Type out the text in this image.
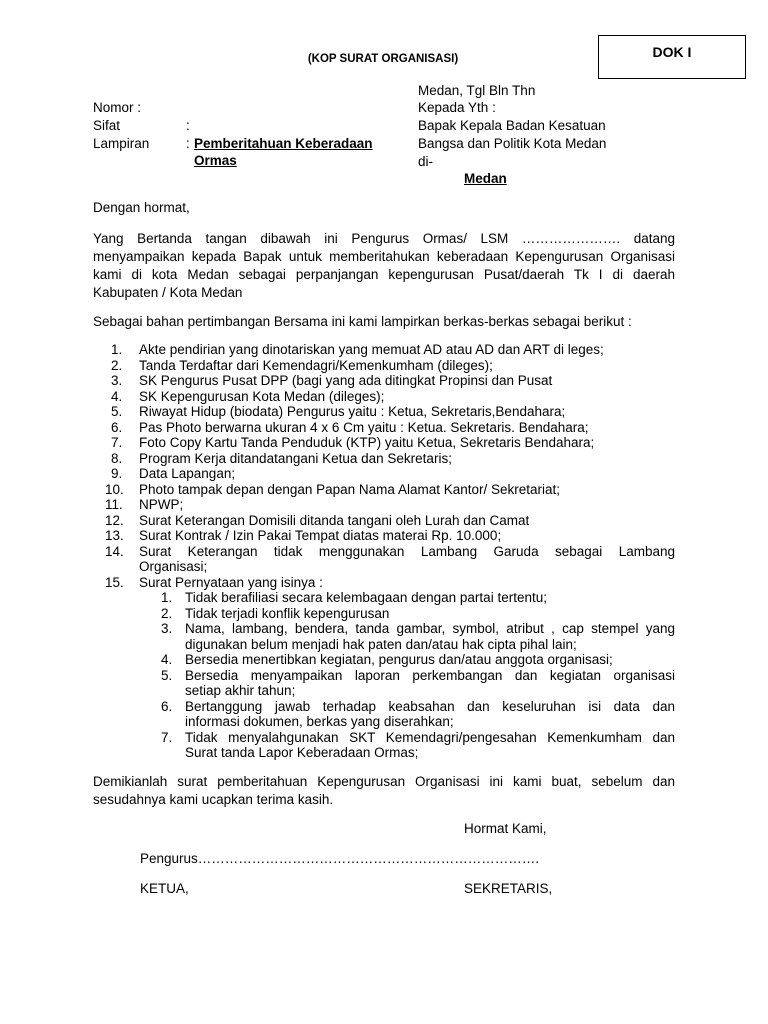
DOK I
(KOP SURAT ORGANISASI)
Medan, Tgl Bln Thn
Nomor :
Sifat	:
Lampiran	: Pemberitahuan Keberadaan
Ormas
Kepada Yth :
Bapak Kepala Badan Kesatuan
Bangsa dan Politik Kota Medan
di-
Medan
Dengan hormat,
Yang Bertanda tangan dibawah ini Pengurus Ormas/ LSM …………………. datang menyampaikan kepada Bapak untuk memberitahukan keberadaan Kepengurusan Organisasi kami di kota Medan sebagai perpanjangan kepengurusan Pusat/daerah Tk I di daerah Kabupaten / Kota Medan
Sebagai bahan pertimbangan Bersama ini kami lampirkan berkas-berkas sebagai berikut :
1. Akte pendirian yang dinotariskan yang memuat AD atau AD dan ART di leges;
2. Tanda Terdaftar dari Kemendagri/Kemenkumham (dileges);
3. SK Pengurus Pusat DPP (bagi yang ada ditingkat Propinsi dan Pusat
4. SK Kepengurusan Kota Medan (dileges);
5. Riwayat Hidup (biodata) Pengurus yaitu : Ketua, Sekretaris,Bendahara;
6. Pas Photo berwarna ukuran 4 x 6 Cm yaitu : Ketua. Sekretaris. Bendahara;
7. Foto Copy Kartu Tanda Penduduk (KTP) yaitu Ketua, Sekretaris Bendahara;
8. Program Kerja ditandatangani Ketua dan Sekretaris;
9. Data Lapangan;
10. Photo tampak depan dengan Papan Nama Alamat Kantor/ Sekretariat;
11. NPWP;
12. Surat Keterangan Domisili ditanda tangani oleh Lurah dan Camat
13. Surat Kontrak / Izin Pakai Tempat diatas materai Rp. 10.000;
14. Surat Keterangan tidak menggunakan Lambang Garuda sebagai Lambang
Organisasi;
15. Surat Pernyataan yang isinya :
1. Tidak berafiliasi secara kelembagaan dengan partai tertentu;
2. Tidak terjadi konflik kepengurusan
3. Nama, lambang, bendera, tanda gambar, symbol, atribut , cap stempel yang
digunakan belum menjadi hak paten dan/atau hak cipta pihal lain;
4. Bersedia menertibkan kegiatan, pengurus dan/atau anggota organisasi;
5. Bersedia menyampaikan laporan perkembangan dan kegiatan organisasi
setiap akhir tahun;
6. Bertanggung jawab terhadap keabsahan dan keseluruhan isi data dan
informasi dokumen, berkas yang diserahkan;
7. Tidak menyalahgunakan SKT Kemendagri/pengesahan Kemenkumham dan
Surat tanda Lapor Keberadaan Ormas;
Demikianlah surat pemberitahuan Kepengurusan Organisasi ini kami buat, sebelum dan sesudahnya kami ucapkan terima kasih.
Hormat Kami,
Pengurus………………………………………………………………….
KETUA,	SEKRETARIS,
